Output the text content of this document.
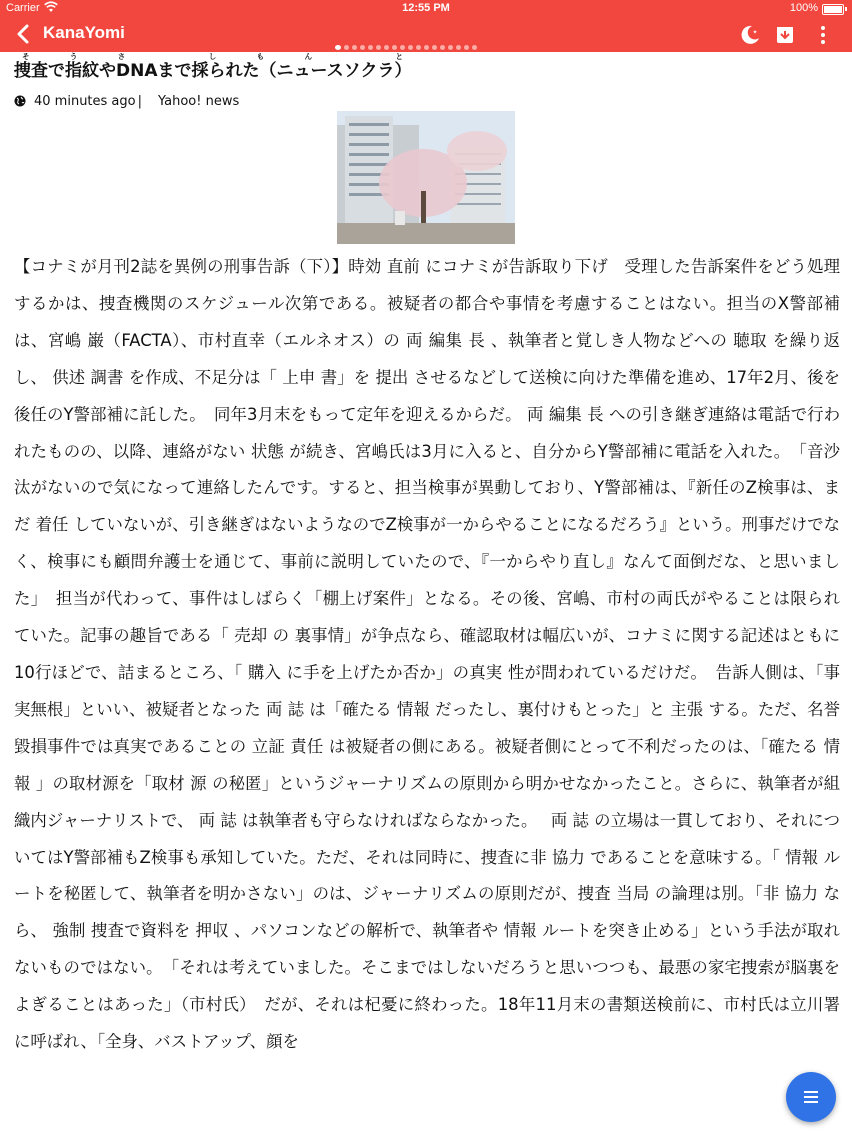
Carrier	12:55 PM	100%
KanaYomi
捜査で指紋やDNAまで採られた（ニュースソクラ）そうさ しもん と
40 minutes ago | Yahoo! news
【コナミが月刊2誌を異例の刑事告訴（下）】時効 直前 にコナミが告訴取り下げ　受理した告訴案件をどう処理するかは、捜査機関のスケジュール次第である。被疑者の都合や事情を考慮することはない。担当のX警部補は、宮嶋 巌（FACTA）、市村直幸（エルネオス）の 両 編集 長 、執筆者と覚しき人物などへの 聴取 を繰り返し、 供述 調書 を作成、不足分は「 上申 書」を 提出 させるなどして送検に向けた準備を進め、17年2月、後を後任のY警部補に託した。　同年3月末をもって定年を迎えるからだ。 両 編集 長 への引き継ぎ連絡は電話で行われたものの、以降、連絡がない 状態 が続き、宮嶋氏は3月に入ると、自分からY警部補に電話を入れた。　「音沙汰がないので気になって連絡したんです。すると、担当検事が異動しており、Y警部補は、『新任のZ検事は、まだ 着任 していないが、引き継ぎはないようなのでZ検事が一からやることになるだろう』という。刑事だけでなく、検事にも顧問弁護士を通じて、事前に説明していたので、『一からやり直し』なんて面倒だな、と思いました」　担当が代わって、事件はしばらく「棚上げ案件」となる。その後、宮嶋、市村の両氏がやることは限られていた。記事の趣旨である「 売却 の 裏事情」が争点なら、確認取材は幅広いが、コナミに関する記述はともに10行ほどで、詰まるところ、「 購入 に手を上げたか否か」の真実 性が問われているだけだ。　告訴人側は、「事実無根」といい、被疑者となった 両 誌 は「確たる 情報 だったし、裏付けもとった」と 主張 する。ただ、名誉毀損事件では真実であることの 立証 責任 は被疑者の側にある。被疑者側にとって不利だったのは、「確たる 情報 」の取材源を「取材 源 の秘匿」というジャーナリズムの原則から明かせなかったこと。さらに、執筆者が組織内ジャーナリストで、 両 誌 は執筆者も守らなければならなかった。　 両 誌 の立場は一貫しており、それについてはY警部補もZ検事も承知していた。ただ、それは同時に、捜査に非 協力 であることを意味する。「 情報 ルートを秘匿して、執筆者を明かさない」のは、ジャーナリズムの原則だが、捜査 当局 の論理は別。「非 協力 なら、 強制 捜査で資料を 押収 、パソコンなどの解析で、執筆者や 情報 ルートを突き止める」という手法が取れないものではない。　「それは考えていました。そこまではしないだろうと思いつつも、最悪の家宅捜索が脳裏をよぎることはあった」（市村氏）　だが、それは杞憂に終わった。18年11月末の書類送検前に、市村氏は立川署に呼ばれ、「全身、バストアップ、顔を
